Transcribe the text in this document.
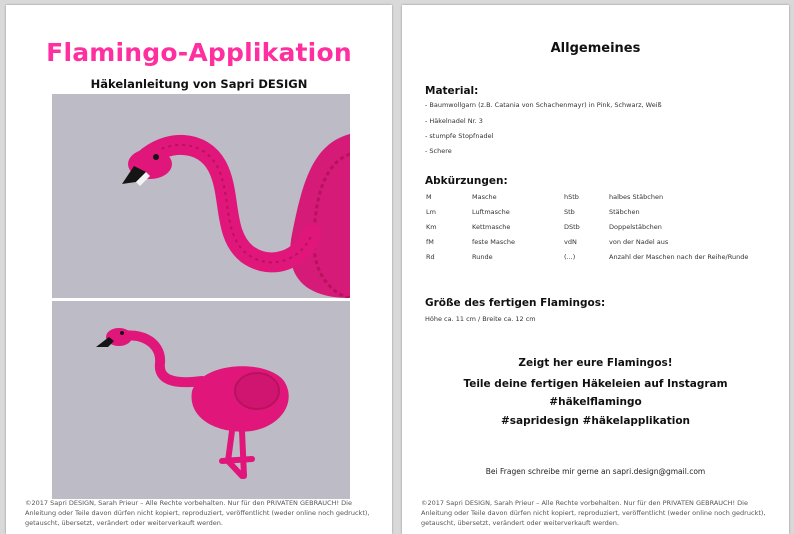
Flamingo-Applikation
Häkelanleitung von Sapri DESIGN
©2017 Sapri DESIGN, Sarah Prieur – Alle Rechte vorbehalten. Nur für den PRIVATEN GEBRAUCH! Die
Anleitung oder Teile davon dürfen nicht kopiert, reproduziert, veröffentlicht (weder online noch gedruckt),
getauscht, übersetzt, verändert oder weiterverkauft werden.
Allgemeines
Material:
- Baumwollgarn (z.B. Catania von Schachenmayr) in Pink, Schwarz, Weiß
- Häkelnadel Nr. 3
- stumpfe Stopfnadel
- Schere
Abkürzungen:
M	Masche	hStb	halbes Stäbchen
Lm	Luftmasche	Stb	Stäbchen
Km	Kettmasche	DStb	Doppelstäbchen
fM	feste Masche	vdN	von der Nadel aus
Rd	Runde	(...)	Anzahl der Maschen nach der Reihe/Runde
Größe des fertigen Flamingos:
Höhe ca. 11 cm / Breite ca. 12 cm
Zeigt her eure Flamingos!
Teile deine fertigen Häkeleien auf Instagram
#häkelflamingo
#sapridesign #häkelapplikation
Bei Fragen schreibe mir gerne an sapri.design@gmail.com
©2017 Sapri DESIGN, Sarah Prieur – Alle Rechte vorbehalten. Nur für den PRIVATEN GEBRAUCH! Die
Anleitung oder Teile davon dürfen nicht kopiert, reproduziert, veröffentlicht (weder online noch gedruckt),
getauscht, übersetzt, verändert oder weiterverkauft werden.
